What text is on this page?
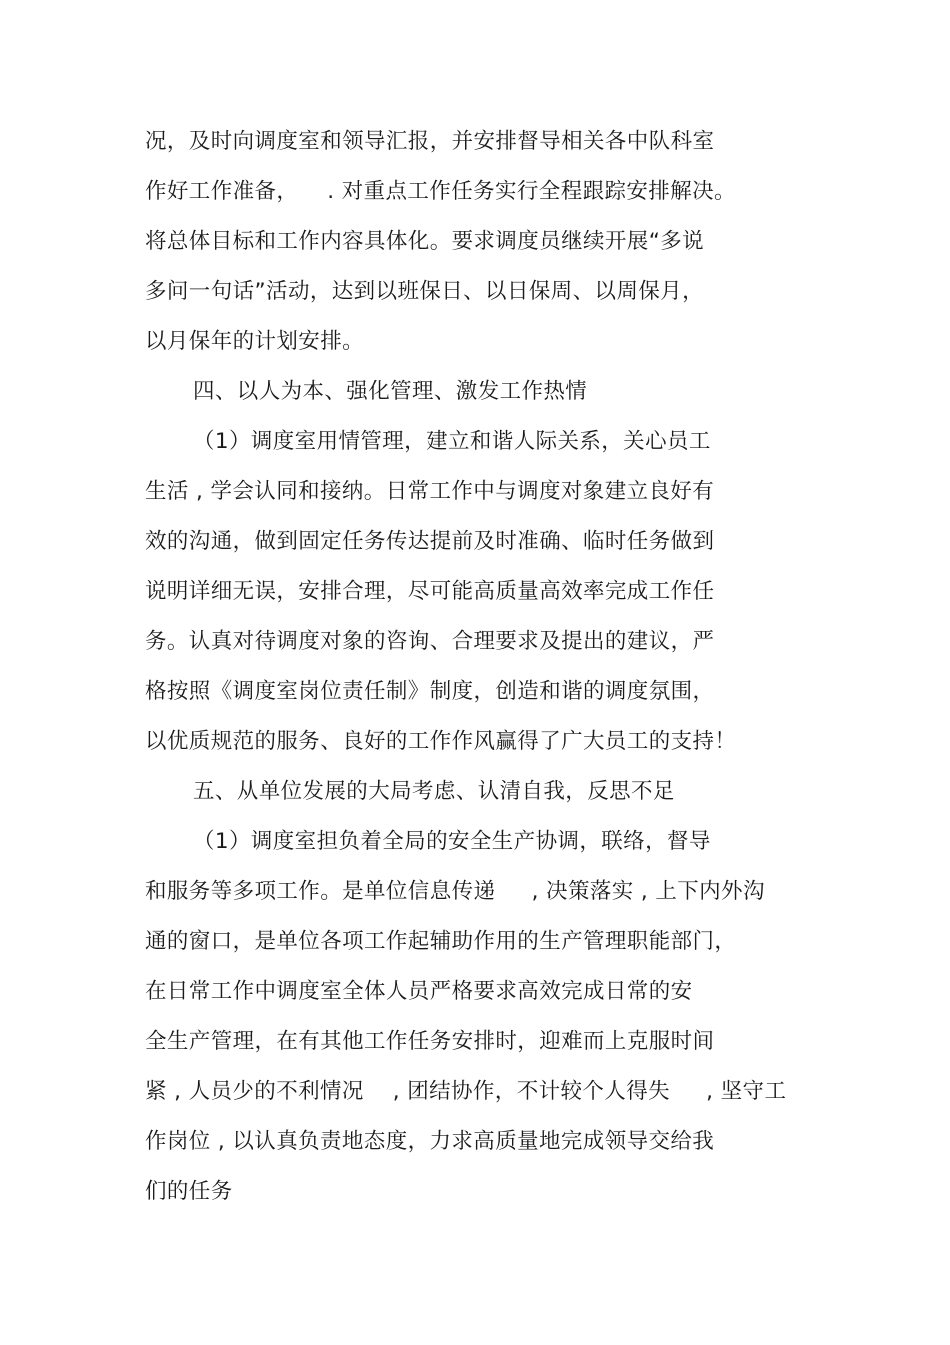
况，及时向调度室和领导汇报，并安排督导相关各中队科室
作好工作准备，    . 对重点工作任务实行全程跟踪安排解决。
将总体目标和工作内容具体化。要求调度员继续开展“多说
多问一句话”活动，达到以班保日、以日保周、以周保月，
以月保年的计划安排。
四、以人为本、强化管理、激发工作热情
（1）调度室用情管理，建立和谐人际关系，关心员工
生活 , 学会认同和接纳。日常工作中与调度对象建立良好有
效的沟通，做到固定任务传达提前及时准确、临时任务做到
说明详细无误，安排合理，尽可能高质量高效率完成工作任
务。认真对待调度对象的咨询、合理要求及提出的建议，严
格按照《调度室岗位责任制》制度，创造和谐的调度氛围，
以优质规范的服务、良好的工作作风赢得了广大员工的支持！
五、从单位发展的大局考虑、认清自我，反思不足
（1）调度室担负着全局的安全生产协调，联络，督导
和服务等多项工作。是单位信息传递     , 决策落实 , 上下内外沟
通的窗口，是单位各项工作起辅助作用的生产管理职能部门，
在日常工作中调度室全体人员严格要求高效完成日常的安
全生产管理，在有其他工作任务安排时，迎难而上克服时间
紧 , 人员少的不利情况    , 团结协作，不计较个人得失     , 坚守工
作岗位 , 以认真负责地态度，力求高质量地完成领导交给我
们的任务
